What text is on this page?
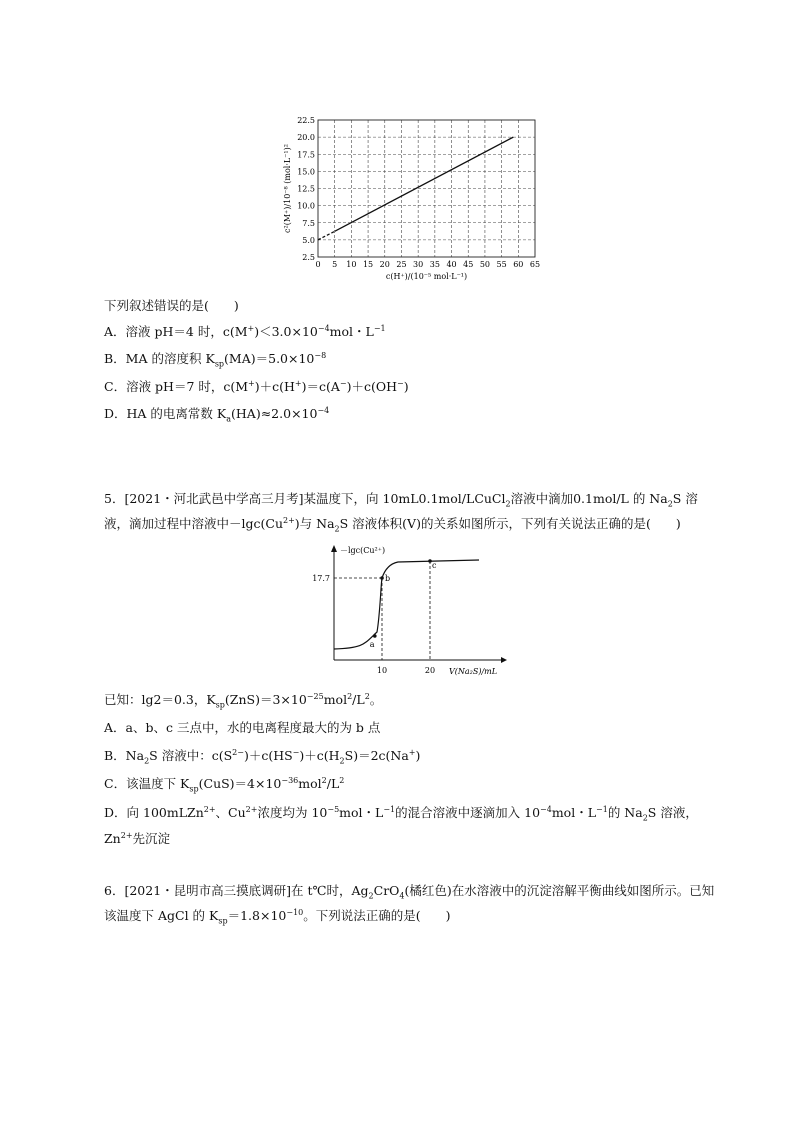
0 5 10 15 20 25 30 35 40 45 50 55 60 65
2.5
5.0
7.5
10.0
12.5
15.0
17.5
20.0
22.5
c(H⁺)/(10⁻⁵ mol·L⁻¹)
c²(M⁺)/10⁻⁸ (mol·L⁻¹)²
下列叙述错误的是(　　)
A．溶液 pH＝4 时，$c(M^+)<3.0\times 10^{-4}mol$・$L^{-1}$
B．MA 的溶度积 $K_{sp}(MA)=5.0\times 10^{-8}$
C．溶液 pH＝7 时，c(M+)＋c(H+)＝c(A−)＋c(OH−)
D．HA 的电离常数 $K_a(HA)\approx 2.0\times 10^{-4}$
5．[2021・河北武邑中学高三月考]某温度下，向 10mL0.1mol/LCuCl$_2$溶液中滴加0.1mol/L 的 $Na_2S$ 溶液，滴加过程中溶液中$-\lg c(Cu^{2+})$与 $Na_2S$ 溶液体积(V)的关系如图所示，下列有关说法正确的是(　　)
－lgc(Cu²⁺)
V(Na₂S)/mL
a
b
c
17.7
10	20
已知：lg2＝0.3，$K_{sp}(ZnS)=3\times 10^{-25}mol^2/L^2$。
A．a、b、c 三点中，水的电离程度最大的为 b 点
B．$Na_2S$ 溶液中：$c(S^{2-})+c(HS^-)+c(H_2S)=2c(Na^+)$
C．该温度下 $K_{sp}(CuS)=4\times 10^{-36}mol^2/L^2$
D．向 100mLZn$^{2+}$、$Cu^{2+}$浓度均为 $10^{-5}mol$・$L^{-1}$的混合溶液中逐滴加入 $10^{-4}mol$・$L^{-1}$的 $Na_2S$ 溶液，$Zn^{2+}$先沉淀
6．[2021・昆明市高三摸底调研]在 t℃时，$Ag_2CrO_4$(橘红色)在水溶液中的沉淀溶解平衡曲线如图所示。已知该温度下 AgCl 的 $K_{sp}=1.8\times 10^{-10}$。下列说法正确的是(　　)
